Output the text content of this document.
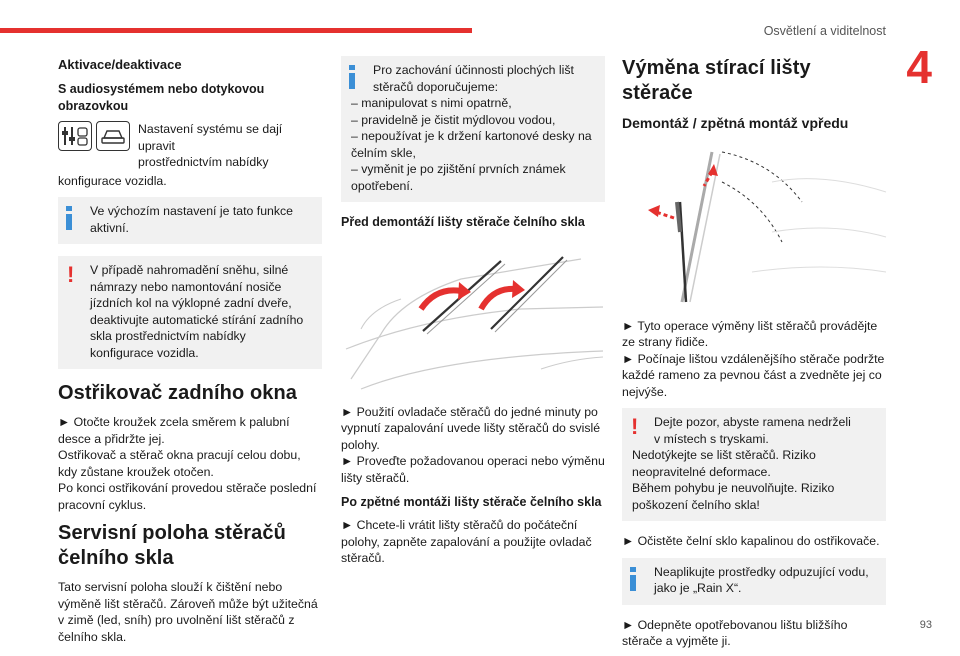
Osvětlení a viditelnost
4
93
Aktivace/deaktivace
S audiosystémem nebo dotykovou obrazovkou
Nastavení systému se dají upravit
prostřednictvím nabídky

konfigurace vozidla.

Ve výchozím nastavení je tato funkce aktivní.
!	V případě nahromadění sněhu, silné
námrazy nebo namontování nosiče jízdních kol na výklopné zadní dveře, deaktivujte automatické stírání zadního skla prostřednictvím nabídky konfigurace vozidla.
Ostřikovač zadního okna

► Otočte kroužek zcela směrem k palubní desce a přidržte jej.

Ostřikovač a stěrač okna pracují celou dobu, kdy zůstane kroužek otočen.

Po konci ostřikování provedou stěrače poslední pracovní cyklus.

Servisní poloha stěračů čelního skla

Tato servisní poloha slouží k čištění nebo výměně lišt stěračů. Zároveň může být užitečná v zimě (led, sníh) pro uvolnění lišt stěračů z čelního skla.

Pro zachování účinnosti plochých lišt
stěračů doporučujeme:
– manipulovat s nimi opatrně,
– pravidelně je čistit mýdlovou vodou,
– nepoužívat je k držení kartonové desky na čelním skle,
– vyměnit je po zjištění prvních známek opotřebení.
Před demontáží lišty stěrače čelního skla

► Použití ovladače stěračů do jedné minuty po vypnutí zapalování uvede lišty stěračů do svislé polohy.

► Proveďte požadovanou operaci nebo výměnu lišty stěračů.

Po zpětné montáži lišty stěrače čelního skla

► Chcete-li vrátit lišty stěračů do počáteční polohy, zapněte zapalování a použijte ovladač stěračů.

Výměna stírací lišty stěrače
Demontáž / zpětná montáž vpředu

► Tyto operace výměny lišt stěračů provádějte ze strany řidiče.

► Počínaje lištou vzdálenějšího stěrače podržte každé rameno za pevnou část a zvedněte jej co nejvýše.

!	Dejte pozor, abyste ramena nedrželi
v místech s tryskami.
Nedotýkejte se lišt stěračů. Riziko neopravitelné deformace.
Během pohybu je neuvolňujte. Riziko poškození čelního skla!

► Očistěte čelní sklo kapalinou do ostřikovače.

Neaplikujte prostředky odpuzující vodu,
jako je „Rain X“.

► Odepněte opotřebovanou lištu bližšího stěrače a vyjměte ji.
